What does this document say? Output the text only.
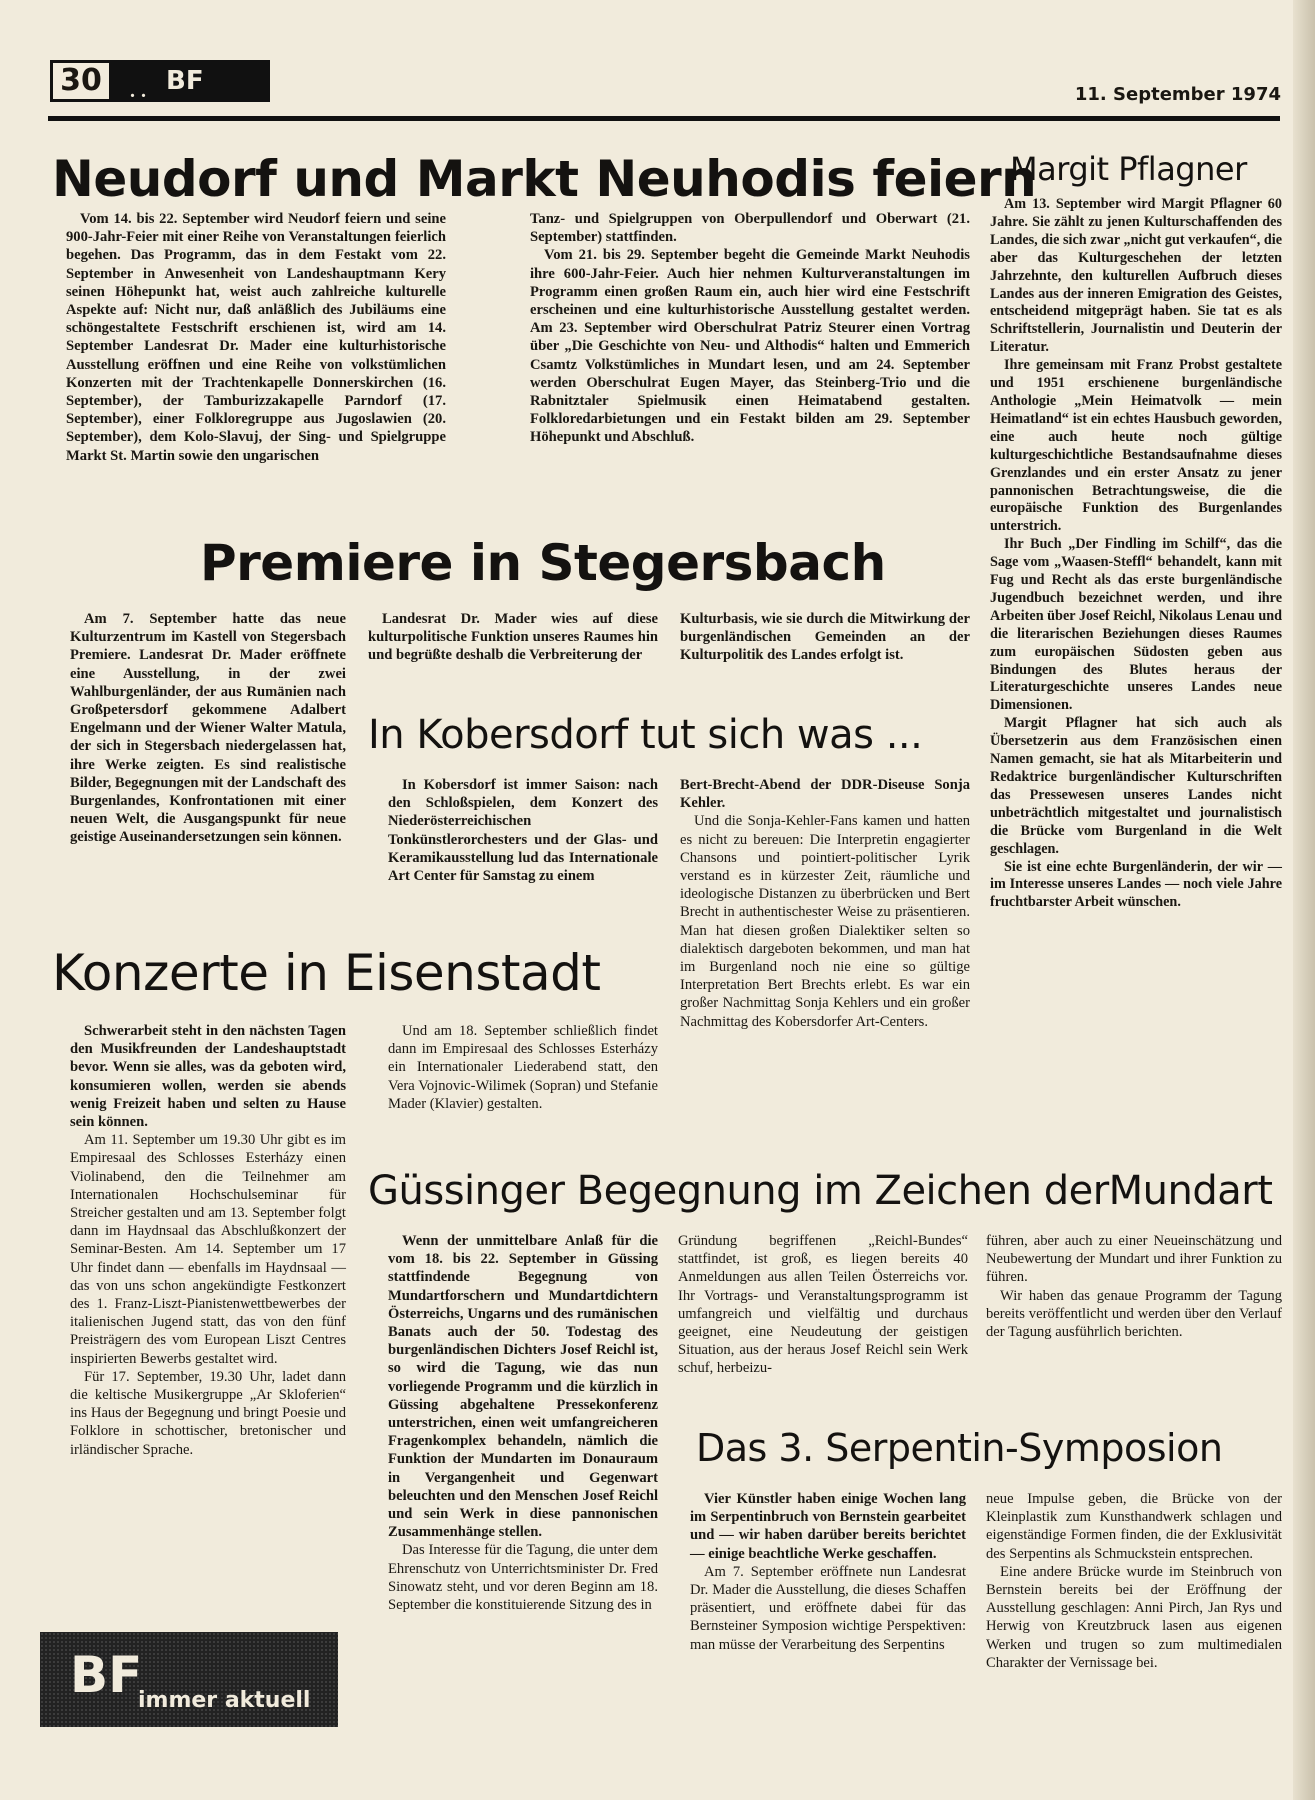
30	BF
..	11. September 1974
Neudorf und Markt Neuhodis feiern

Vom 14. bis 22. September wird Neudorf feiern und seine 900-Jahr-Feier mit einer Reihe von Veranstaltungen feierlich begehen. Das Programm, das in dem Festakt vom 22. September in Anwesenheit von Landeshauptmann Kery seinen Höhepunkt hat, weist auch zahlreiche kulturelle Aspekte auf: Nicht nur, daß anläßlich des Jubiläums eine schöngestaltete Festschrift erschienen ist, wird am 14. September Landesrat Dr. Mader eine kulturhistorische Ausstellung eröffnen und eine Reihe von volkstümlichen Konzerten mit der Trachtenkapelle Donnerskirchen (16. September), der Tamburizzakapelle Parndorf (17. September), einer Folkloregruppe aus Jugoslawien (20. September), dem Kolo-Slavuj, der Sing- und Spielgruppe Markt St. Martin sowie den ungarischen

Tanz- und Spielgruppen von Oberpullendorf und Oberwart (21. September) stattfinden.

Vom 21. bis 29. September begeht die Gemeinde Markt Neuhodis ihre 600-Jahr-Feier. Auch hier nehmen Kulturveranstaltungen im Programm einen großen Raum ein, auch hier wird eine Festschrift erscheinen und eine kulturhistorische Ausstellung gestaltet werden. Am 23. September wird Oberschulrat Patriz Steurer einen Vortrag über „Die Geschichte von Neu- und Althodis“ halten und Emmerich Csamtz Volkstümliches in Mundart lesen, und am 24. September werden Oberschulrat Eugen Mayer, das Steinberg-Trio und die Rabnitztaler Spielmusik einen Heimatabend gestalten. Folkloredarbietungen und ein Festakt bilden am 29. September Höhepunkt und Abschluß.

Margit Pflagner

Am 13. September wird Margit Pflagner 60 Jahre. Sie zählt zu jenen Kulturschaffenden des Landes, die sich zwar „nicht gut verkaufen“, die aber das Kulturgeschehen der letzten Jahrzehnte, den kulturellen Aufbruch dieses Landes aus der inneren Emigration des Geistes, entscheidend mitgeprägt haben. Sie tat es als Schriftstellerin, Journalistin und Deuterin der Literatur.

Ihre gemeinsam mit Franz Probst gestaltete und 1951 erschienene burgenländische Anthologie „Mein Heimatvolk — mein Heimatland“ ist ein echtes Hausbuch geworden, eine auch heute noch gültige kulturgeschichtliche Bestandsaufnahme dieses Grenzlandes und ein erster Ansatz zu jener pannonischen Betrachtungsweise, die die europäische Funktion des Burgenlandes unterstrich.

Ihr Buch „Der Findling im Schilf“, das die Sage vom „Waasen-Steffl“ behandelt, kann mit Fug und Recht als das erste burgenländische Jugendbuch bezeichnet werden, und ihre Arbeiten über Josef Reichl, Nikolaus Lenau und die literarischen Beziehungen dieses Raumes zum europäischen Südosten geben aus Bindungen des Blutes heraus der Literaturgeschichte unseres Landes neue Dimensionen.

Margit Pflagner hat sich auch als Übersetzerin aus dem Französischen einen Namen gemacht, sie hat als Mitarbeiterin und Redaktrice burgenländischer Kulturschriften das Pressewesen unseres Landes nicht unbeträchtlich mitgestaltet und journalistisch die Brücke vom Burgenland in die Welt geschlagen.

Sie ist eine echte Burgenländerin, der wir — im Interesse unseres Landes — noch viele Jahre fruchtbarster Arbeit wünschen.

Premiere in Stegersbach

Am 7. September hatte das neue Kulturzentrum im Kastell von Stegersbach Premiere. Landesrat Dr. Mader eröffnete eine Ausstellung, in der zwei Wahlburgenländer, der aus Rumänien nach Großpetersdorf gekommene Adalbert Engelmann und der Wiener Walter Matula, der sich in Stegersbach niedergelassen hat, ihre Werke zeigten. Es sind realistische Bilder, Begegnungen mit der Landschaft des Burgenlandes, Konfrontationen mit einer neuen Welt, die Ausgangspunkt für neue geistige Auseinandersetzungen sein können.

Landesrat Dr. Mader wies auf diese kulturpolitische Funktion unseres Raumes hin und begrüßte deshalb die Verbreiterung der

Kulturbasis, wie sie durch die Mitwirkung der burgenländischen Gemeinden an der Kulturpolitik des Landes erfolgt ist.

In Kobersdorf tut sich was ...

In Kobersdorf ist immer Saison: nach den Schloßspielen, dem Konzert des Niederösterreichischen Tonkünstlerorchesters und der Glas- und Keramikausstellung lud das Internationale Art Center für Samstag zu einem

Bert-Brecht-Abend der DDR-Diseuse Sonja Kehler.

Und die Sonja-Kehler-Fans kamen und hatten es nicht zu bereuen: Die Interpretin engagierter Chansons und pointiert-politischer Lyrik verstand es in kürzester Zeit, räumliche und ideologische Distanzen zu überbrücken und Bert Brecht in authentischester Weise zu präsentieren. Man hat diesen großen Dialektiker selten so dialektisch dargeboten bekommen, und man hat im Burgenland noch nie eine so gültige Interpretation Bert Brechts erlebt. Es war ein großer Nachmittag Sonja Kehlers und ein großer Nachmittag des Kobersdorfer Art-Centers.

Konzerte in Eisenstadt

Schwerarbeit steht in den nächsten Tagen den Musikfreunden der Landeshauptstadt bevor. Wenn sie alles, was da geboten wird, konsumieren wollen, werden sie abends wenig Freizeit haben und selten zu Hause sein können.

Am 11. September um 19.30 Uhr gibt es im Empiresaal des Schlosses Esterházy einen Violinabend, den die Teilnehmer am Internationalen Hochschulseminar für Streicher gestalten und am 13. September folgt dann im Haydnsaal das Abschlußkonzert der Seminar-Besten. Am 14. September um 17 Uhr findet dann — ebenfalls im Haydnsaal — das von uns schon angekündigte Festkonzert des 1. Franz-Liszt-Pianistenwettbewerbes der italienischen Jugend statt, das von den fünf Preisträgern des vom European Liszt Centres inspirierten Bewerbs gestaltet wird.

Für 17. September, 19.30 Uhr, ladet dann die keltische Musikergruppe „Ar Skloferien“ ins Haus der Begegnung und bringt Poesie und Folklore in schottischer, bretonischer und irländischer Sprache.

Und am 18. September schließlich findet dann im Empiresaal des Schlosses Esterházy ein Internationaler Liederabend statt, den Vera Vojnovic-Wilimek (Sopran) und Stefanie Mader (Klavier) gestalten.

Güssinger Begegnung im Zeichen derMundart

Wenn der unmittelbare Anlaß für die vom 18. bis 22. September in Güssing stattfindende Begegnung von Mundartforschern und Mundartdichtern Österreichs, Ungarns und des rumänischen Banats auch der 50. Todestag des burgenländischen Dichters Josef Reichl ist, so wird die Tagung, wie das nun vorliegende Programm und die kürzlich in Güssing abgehaltene Pressekonferenz unterstrichen, einen weit umfangreicheren Fragenkomplex behandeln, nämlich die Funktion der Mundarten im Donauraum in Vergangenheit und Gegenwart beleuchten und den Menschen Josef Reichl und sein Werk in diese pannonischen Zusammenhänge stellen.

Das Interesse für die Tagung, die unter dem Ehrenschutz von Unterrichtsminister Dr. Fred Sinowatz steht, und vor deren Beginn am 18. September die konstituierende Sitzung des in

Gründung begriffenen „Reichl-Bundes“ stattfindet, ist groß, es liegen bereits 40 Anmeldungen aus allen Teilen Österreichs vor. Ihr Vortrags- und Veranstaltungsprogramm ist umfangreich und vielfältig und durchaus geeignet, eine Neudeutung der geistigen Situation, aus der heraus Josef Reichl sein Werk schuf, herbeizu-

führen, aber auch zu einer Neueinschätzung und Neubewertung der Mundart und ihrer Funktion zu führen.

Wir haben das genaue Programm der Tagung bereits veröffentlicht und werden über den Verlauf der Tagung ausführlich berichten.

Das 3. Serpentin-Symposion

Vier Künstler haben einige Wochen lang im Serpentinbruch von Bernstein gearbeitet und — wir haben darüber bereits berichtet — einige beachtliche Werke geschaffen.

Am 7. September eröffnete nun Landesrat Dr. Mader die Ausstellung, die dieses Schaffen präsentiert, und eröffnete dabei für das Bernsteiner Symposion wichtige Perspektiven: man müsse der Verarbeitung des Serpentins

neue Impulse geben, die Brücke von der Kleinplastik zum Kunsthandwerk schlagen und eigenständige Formen finden, die der Exklusivität des Serpentins als Schmuckstein entsprechen.

Eine andere Brücke wurde im Steinbruch von Bernstein bereits bei der Eröffnung der Ausstellung geschlagen: Anni Pirch, Jan Rys und Herwig von Kreutzbruck lasen aus eigenen Werken und trugen so zum multimedialen Charakter der Vernissage bei.

BF
immer aktuell
